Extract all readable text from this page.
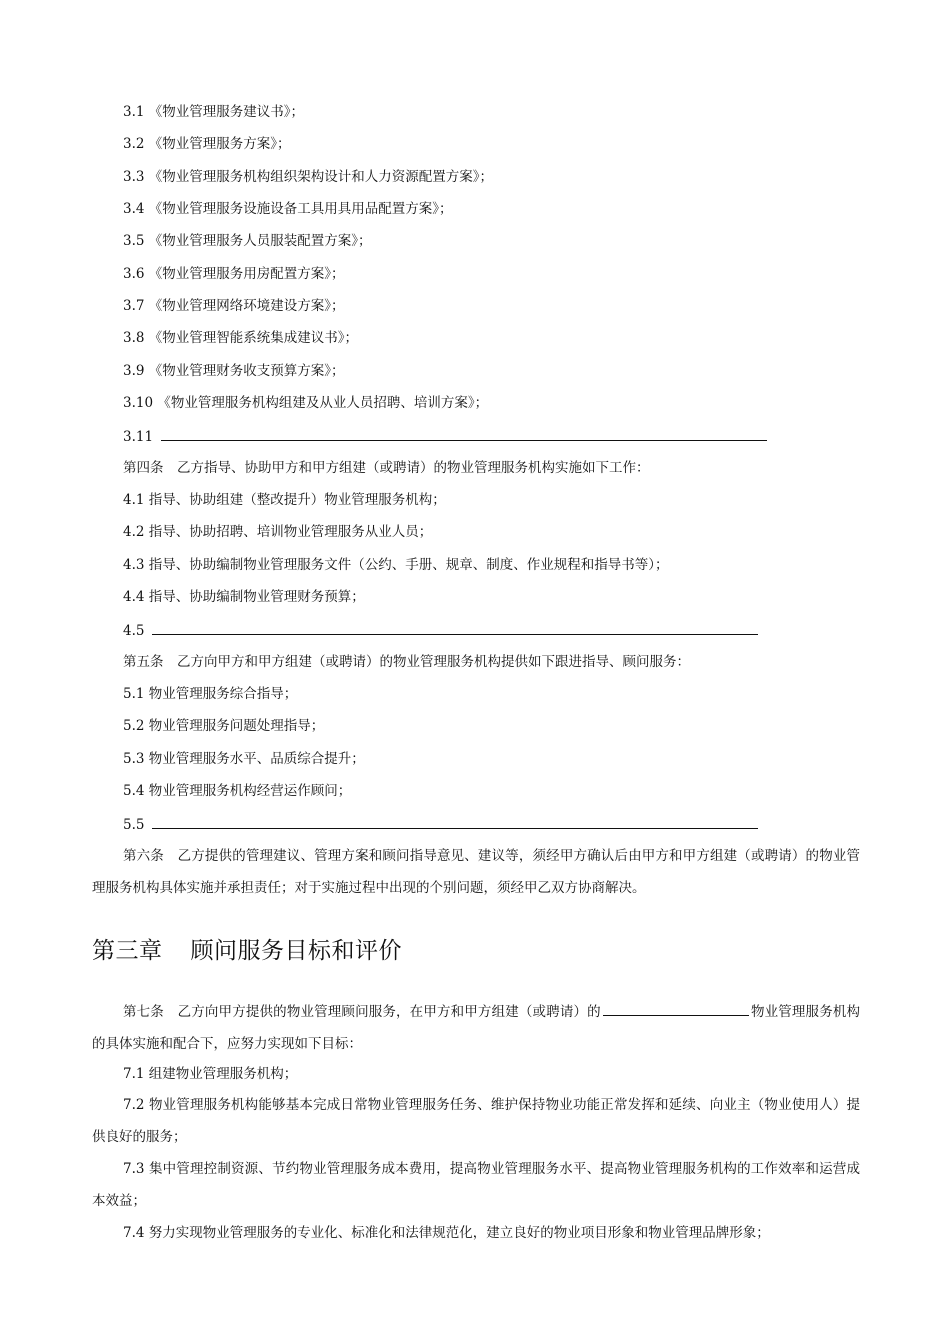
3.1 《物业管理服务建议书》；
3.2 《物业管理服务方案》；
3.3 《物业管理服务机构组织架构设计和人力资源配置方案》；
3.4 《物业管理服务设施设备工具用具用品配置方案》；
3.5 《物业管理服务人员服装配置方案》；
3.6 《物业管理服务用房配置方案》；
3.7 《物业管理网络环境建设方案》；
3.8 《物业管理智能系统集成建议书》；
3.9 《物业管理财务收支预算方案》；
3.10 《物业管理服务机构组建及从业人员招聘、培训方案》；
3.11
第四条　乙方指导、协助甲方和甲方组建（或聘请）的物业管理服务机构实施如下工作：
4.1 指导、协助组建（整改提升）物业管理服务机构；
4.2 指导、协助招聘、培训物业管理服务从业人员；
4.3 指导、协助编制物业管理服务文件（公约、手册、规章、制度、作业规程和指导书等）；
4.4 指导、协助编制物业管理财务预算；
4.5
第五条　乙方向甲方和甲方组建（或聘请）的物业管理服务机构提供如下跟进指导、顾问服务：
5.1 物业管理服务综合指导；
5.2 物业管理服务问题处理指导；
5.3 物业管理服务水平、品质综合提升；
5.4 物业管理服务机构经营运作顾问；
5.5
第六条　乙方提供的管理建议、管理方案和顾问指导意见、建议等，须经甲方确认后由甲方和甲方组建（或聘请）的物业管理服务机构具体实施并承担责任；对于实施过程中出现的个别问题，须经甲乙双方协商解决。
第三章 顾问服务目标和评价
第七条　乙方向甲方提供的物业管理顾问服务，在甲方和甲方组建（或聘请）的	物业管理服务机构的具体实施和配合下，应努力实现如下目标：
7.1 组建物业管理服务机构；
7.2 物业管理服务机构能够基本完成日常物业管理服务任务、维护保持物业功能正常发挥和延续、向业主（物业使用人）提供良好的服务；
7.3 集中管理控制资源、节约物业管理服务成本费用，提高物业管理服务水平、提高物业管理服务机构的工作效率和运营成本效益；
7.4 努力实现物业管理服务的专业化、标准化和法律规范化，建立良好的物业项目形象和物业管理品牌形象；
